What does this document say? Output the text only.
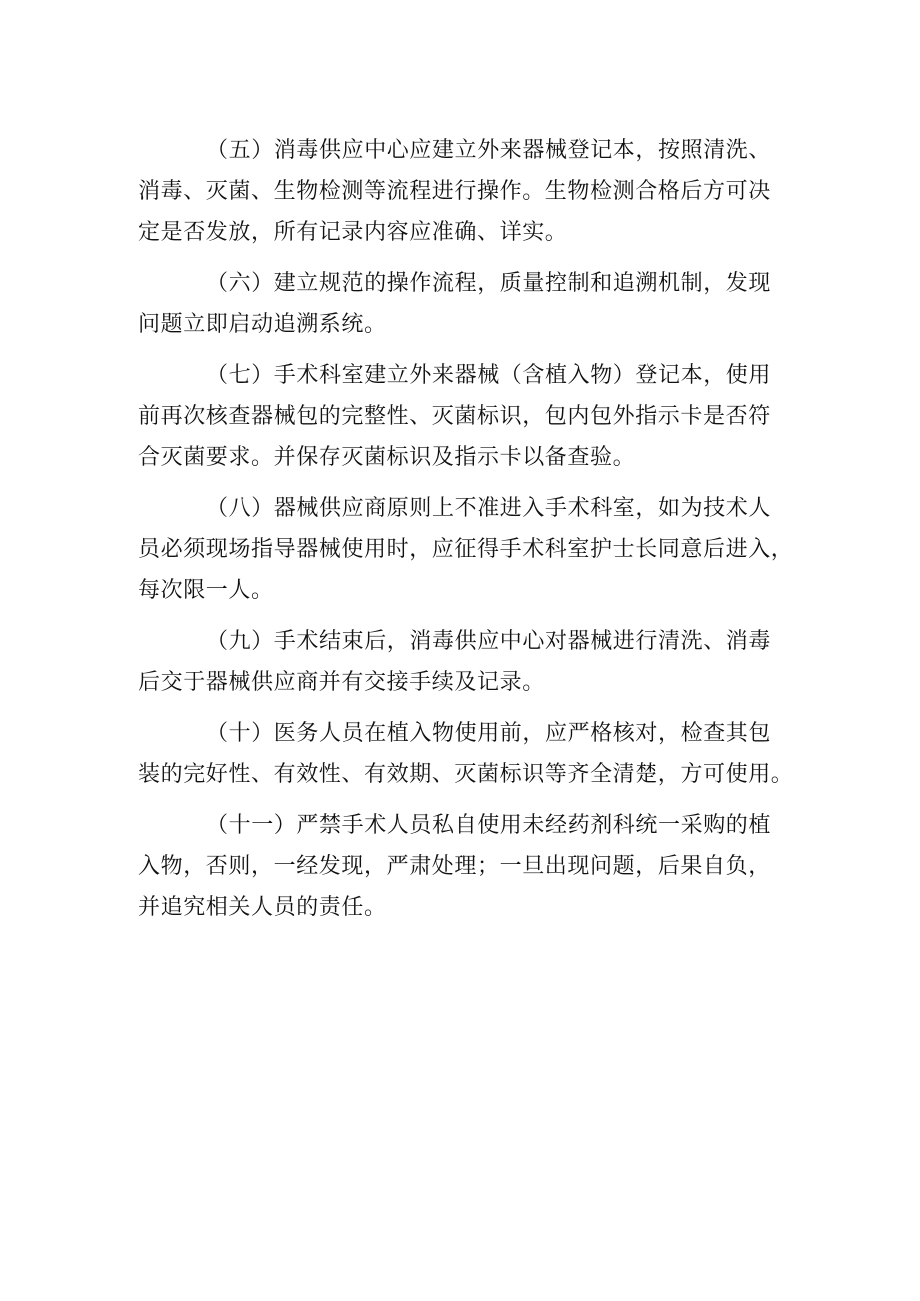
（五）消毒供应中心应建立外来器械登记本，按照清洗、
消毒、灭菌、生物检测等流程进行操作。生物检测合格后方可决
定是否发放，所有记录内容应准确、详实。

（六）建立规范的操作流程，质量控制和追溯机制，发现
问题立即启动追溯系统。

（七）手术科室建立外来器械（含植入物）登记本，使用
前再次核查器械包的完整性、灭菌标识，包内包外指示卡是否符
合灭菌要求。并保存灭菌标识及指示卡以备查验。

（八）器械供应商原则上不准进入手术科室，如为技术人
员必须现场指导器械使用时，应征得手术科室护士长同意后进入，
每次限一人。

（九）手术结束后，消毒供应中心对器械进行清洗、消毒
后交于器械供应商并有交接手续及记录。

（十）医务人员在植入物使用前，应严格核对，检查其包
装的完好性、有效性、有效期、灭菌标识等齐全清楚，方可使用。

（十一）严禁手术人员私自使用未经药剂科统一采购的植
入物，否则，一经发现，严肃处理；一旦出现问题，后果自负，
并追究相关人员的责任。
